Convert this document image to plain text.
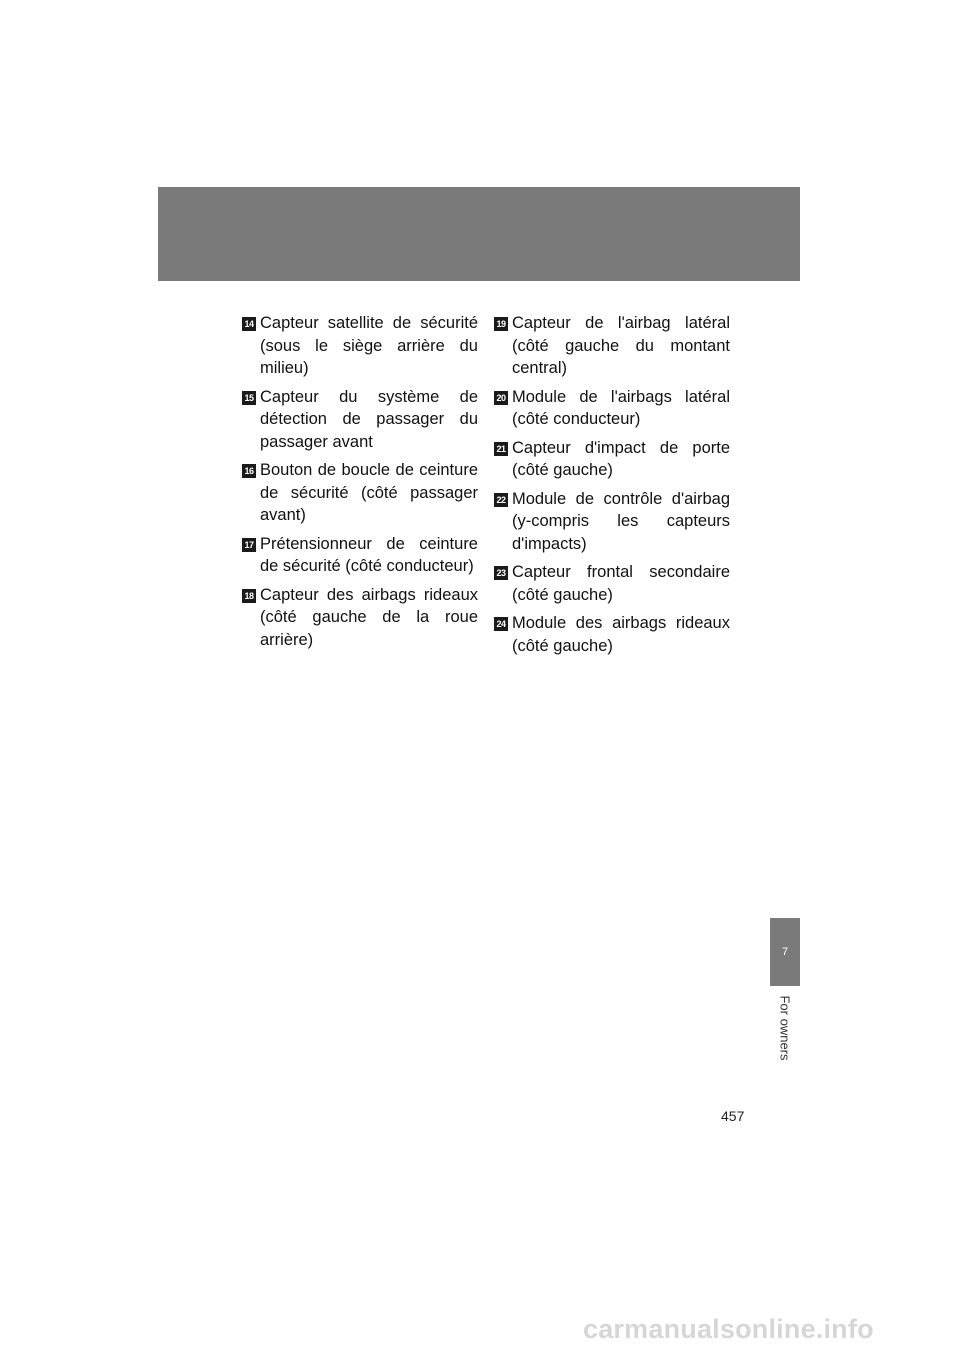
14 Capteur satellite de sécurité (sous le siège arrière du milieu)
15 Capteur du système de détection de passager du passager avant
16 Bouton de boucle de ceinture de sécurité (côté passager avant)
17 Prétensionneur de ceinture de sécurité (côté conducteur)
18 Capteur des airbags rideaux (côté gauche de la roue arrière)
19 Capteur de l'airbag latéral (côté gauche du montant central)
20 Module de l'airbags latéral (côté conducteur)
21 Capteur d'impact de porte (côté gauche)
22 Module de contrôle d'airbag (y-compris les capteurs d'impacts)
23 Capteur frontal secondaire (côté gauche)
24 Module des airbags rideaux (côté gauche)
7
For owners
457
carmanualsonline.info
